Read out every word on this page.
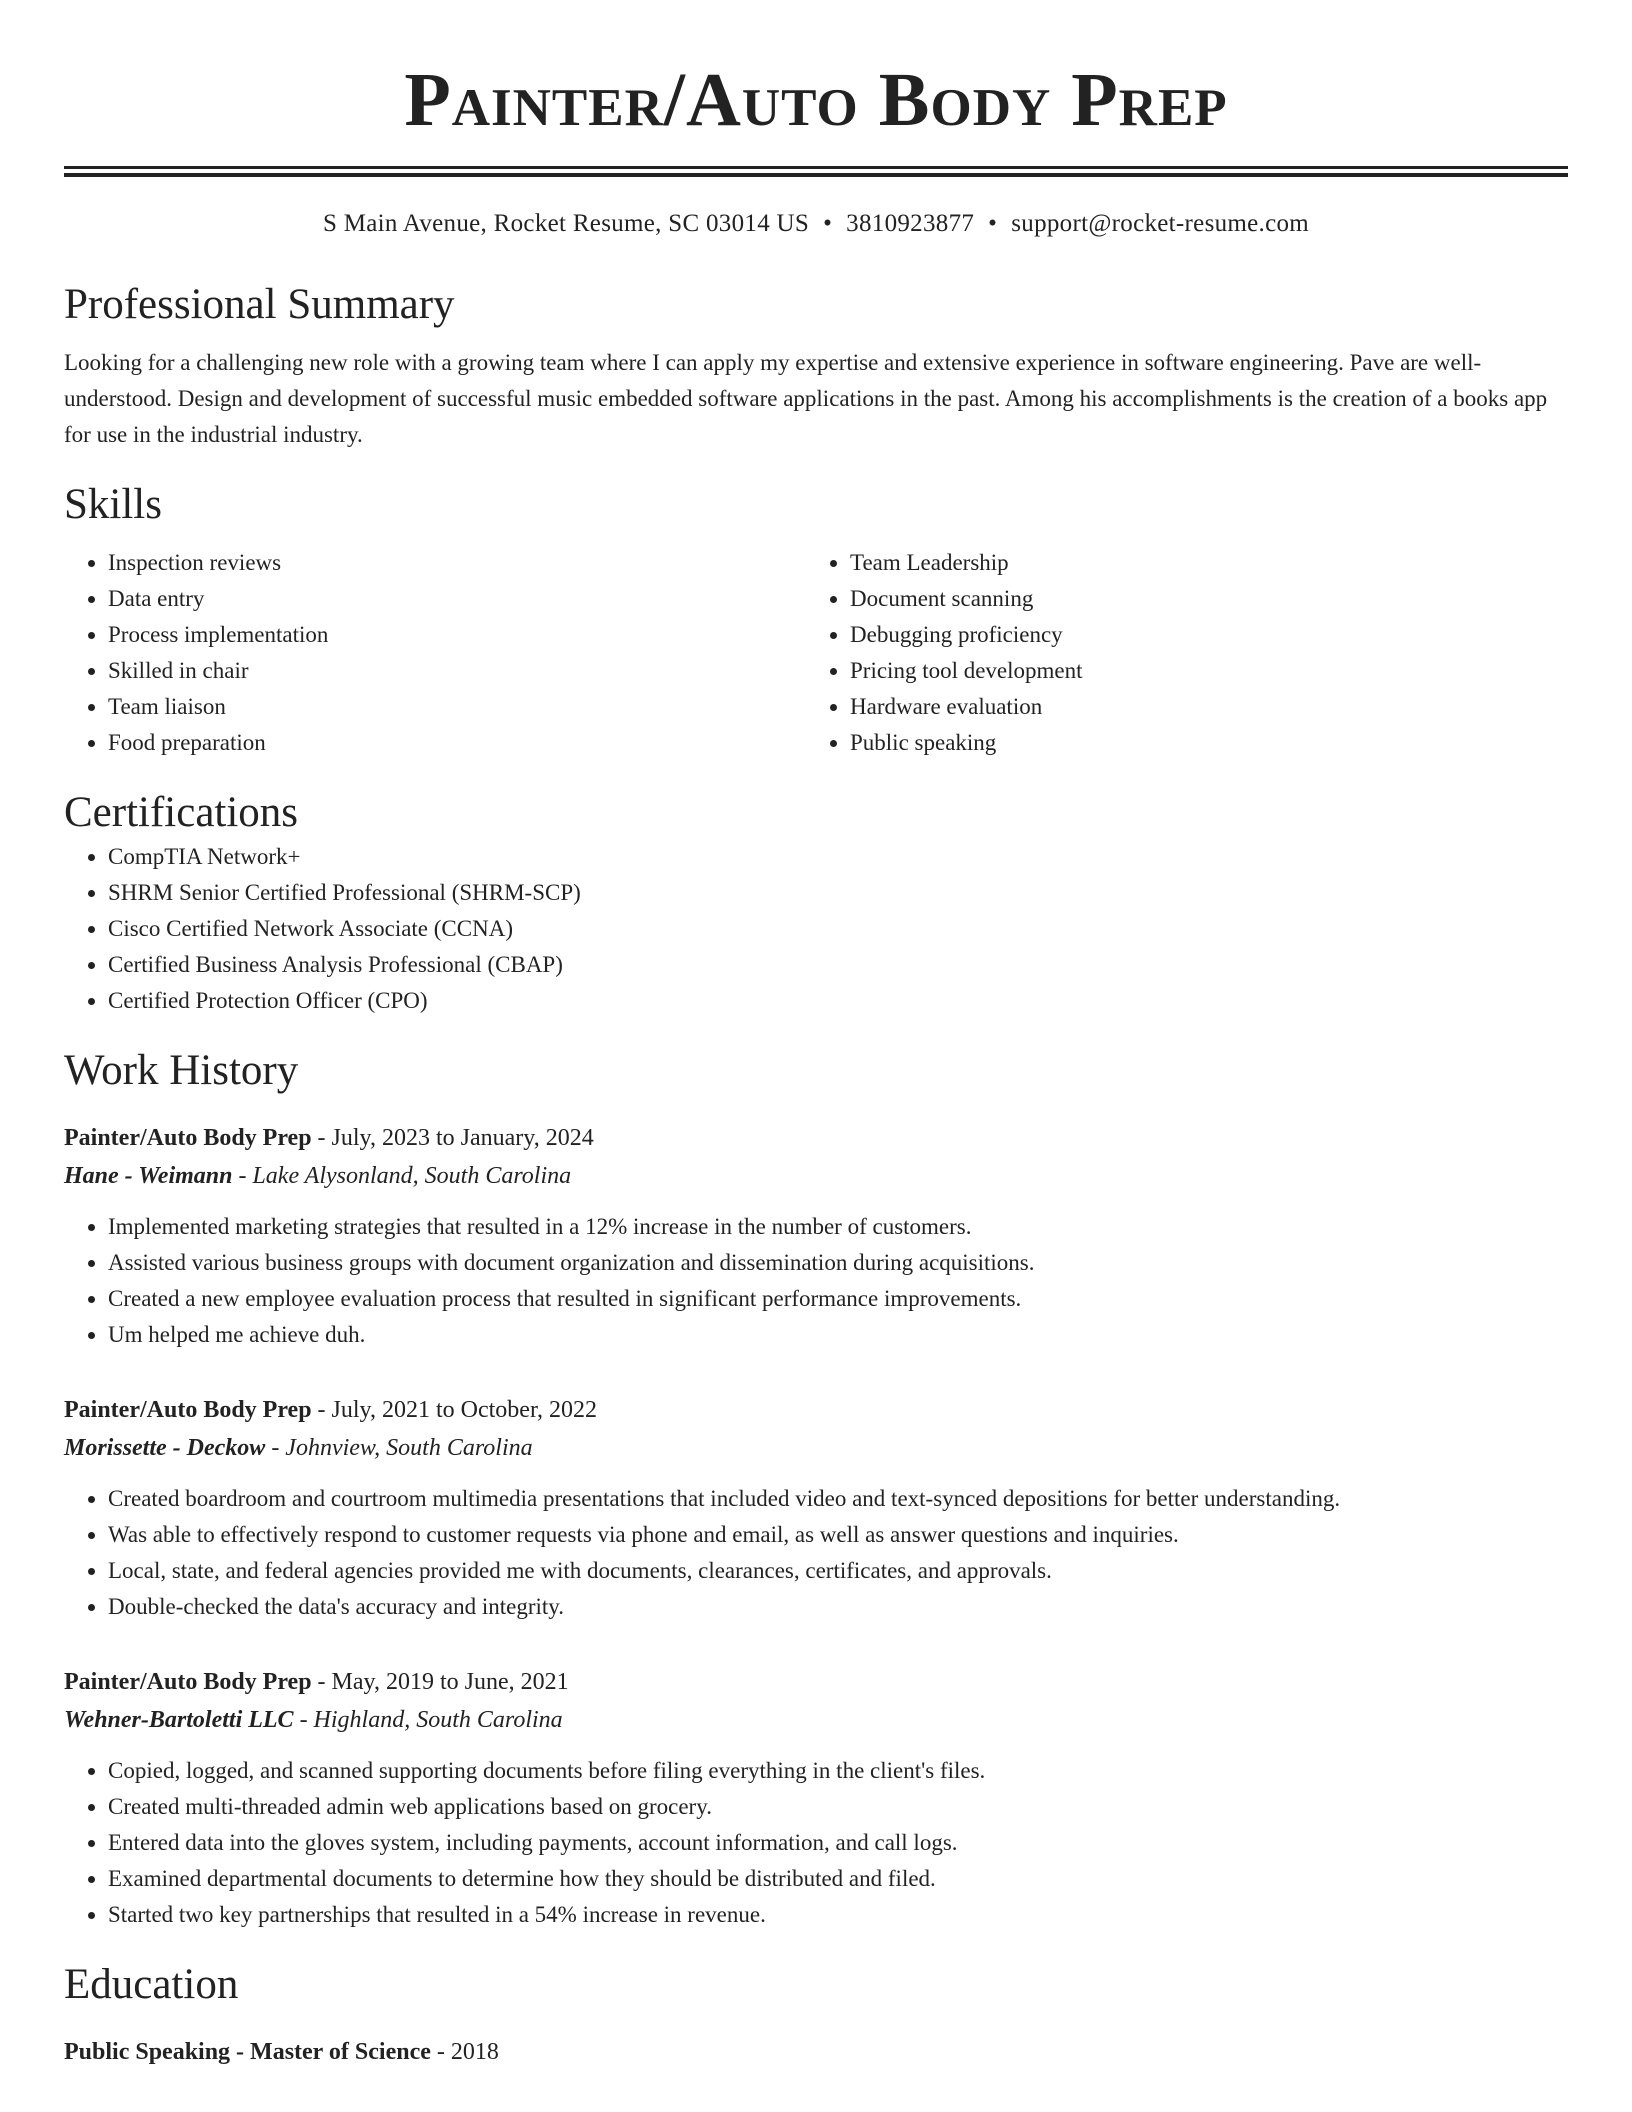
Painter/Auto Body Prep
S Main Avenue, Rocket Resume, SC 03014 US • 3810923877 • support@rocket-resume.com
Professional Summary

Looking for a challenging new role with a growing team where I can apply my expertise and extensive experience in software engineering. Pave are well-understood. Design and development of successful music embedded software applications in the past. Among his accomplishments is the creation of a books app for use in the industrial industry.

Skills
• Inspection reviews
• Data entry
• Process implementation
• Skilled in chair
• Team liaison
• Food preparation
• Team Leadership
• Document scanning
• Debugging proficiency
• Pricing tool development
• Hardware evaluation
• Public speaking
Certifications
• CompTIA Network+
• SHRM Senior Certified Professional (SHRM-SCP)
• Cisco Certified Network Associate (CCNA)
• Certified Business Analysis Professional (CBAP)
• Certified Protection Officer (CPO)
Work History
Painter/Auto Body Prep - July, 2023 to January, 2024
Hane - Weimann - Lake Alysonland, South Carolina
• Implemented marketing strategies that resulted in a 12% increase in the number of customers.
• Assisted various business groups with document organization and dissemination during acquisitions.
• Created a new employee evaluation process that resulted in significant performance improvements.
• Um helped me achieve duh.
Painter/Auto Body Prep - July, 2021 to October, 2022
Morissette - Deckow - Johnview, South Carolina
• Created boardroom and courtroom multimedia presentations that included video and text-synced depositions for better understanding.
• Was able to effectively respond to customer requests via phone and email, as well as answer questions and inquiries.
• Local, state, and federal agencies provided me with documents, clearances, certificates, and approvals.
• Double-checked the data's accuracy and integrity.
Painter/Auto Body Prep - May, 2019 to June, 2021
Wehner-Bartoletti LLC - Highland, South Carolina
• Copied, logged, and scanned supporting documents before filing everything in the client's files.
• Created multi-threaded admin web applications based on grocery.
• Entered data into the gloves system, including payments, account information, and call logs.
• Examined departmental documents to determine how they should be distributed and filed.
• Started two key partnerships that resulted in a 54% increase in revenue.
Education
Public Speaking - Master of Science - 2018
